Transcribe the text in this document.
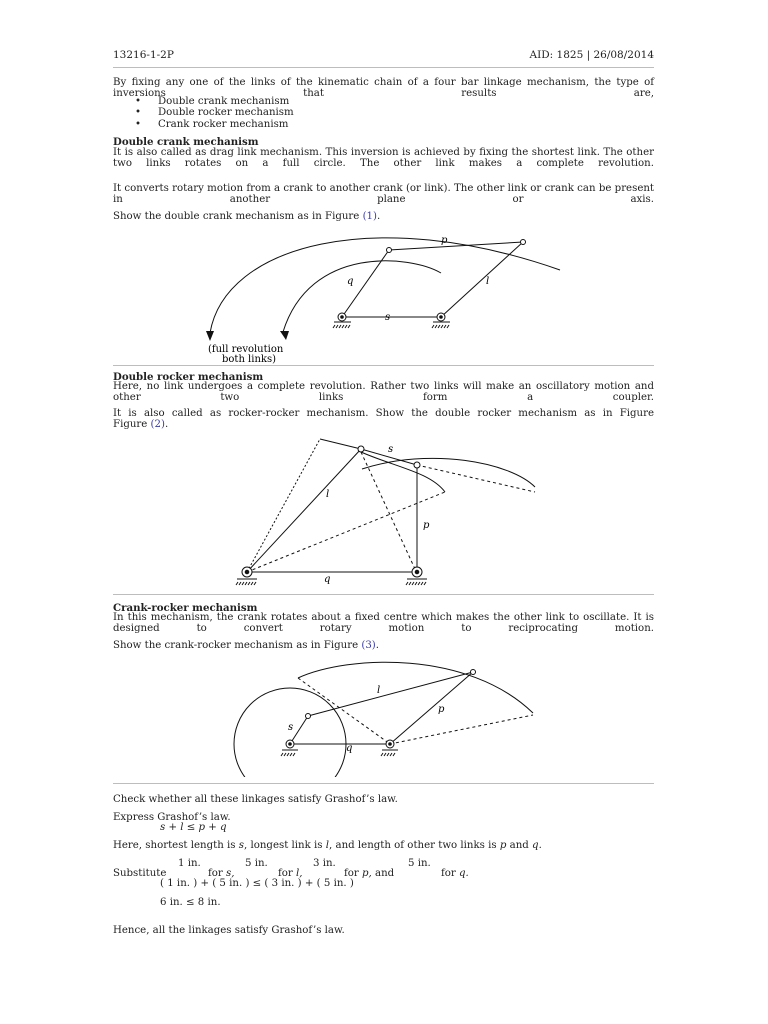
13216-1-2P	AID: 1825 | 26/08/2014
By fixing any one of the links of the kinematic chain of a four bar linkage mechanism, the type of inversions that results are,
• Double crank mechanism
• Double rocker mechanism
• Crank rocker mechanism
Double crank mechanism
It is also called as drag link mechanism. This inversion is achieved by fixing the shortest link. The other two links rotates on a full circle. The other link makes a complete revolution.
It converts rotary motion from a crank to another crank (or link). The other link or crank can be present in another plane or axis.
Show the double crank mechanism as in Figure (1).
p
q	l
s
(full revolution
both links)
Double rocker mechanism
Here, no link undergoes a complete revolution. Rather two links will make an oscillatory motion and other two links form a coupler.
It is also called as rocker-rocker mechanism. Show the double rocker mechanism as in Figure
Figure (2).
s
l
p
q
Crank-rocker mechanism
In this mechanism, the crank rotates about a fixed centre which makes the other link to oscillate. It is designed to convert rotary motion to reciprocating motion.
Show the crank-rocker mechanism as in Figure (3).
l
s
p
q
Check whether all these linkages satisfy Grashof’s law.
Express Grashof’s law.
s + l ≤ p + q
Here, shortest length is s, longest link is l, and length of other two links is p and q.
1 in.	5 in.	3 in.	5 in.
Substitute	for s,	for l,	for p, and	for q.
( 1 in. ) + ( 5 in. ) ≤ ( 3 in. ) + ( 5 in. )
6 in. ≤ 8 in.
Hence, all the linkages satisfy Grashof’s law.
